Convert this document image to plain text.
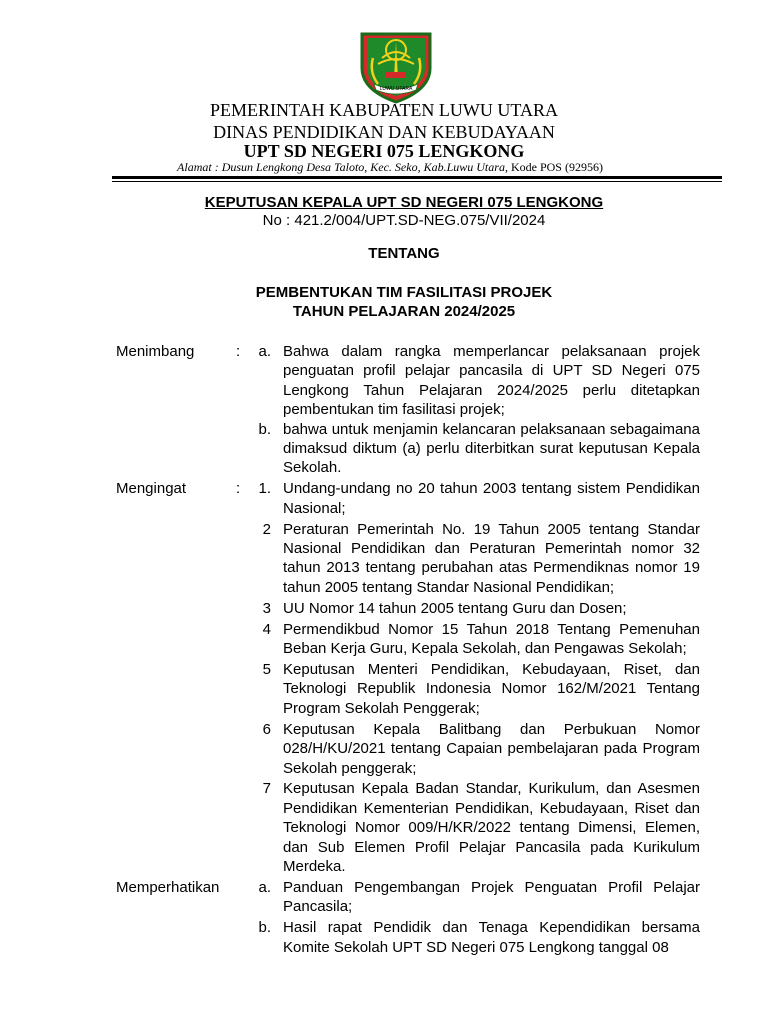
LUWU UTARA
PEMERINTAH KABUPATEN LUWU UTARA
DINAS PENDIDIKAN DAN KEBUDAYAAN
UPT SD NEGERI 075 LENGKONG
Alamat : Dusun Lengkong Desa Taloto, Kec. Seko, Kab.Luwu Utara, Kode POS (92956)
KEPUTUSAN KEPALA UPT SD NEGERI 075 LENGKONG
No : 421.2/004/UPT.SD-NEG.075/VII/2024
TENTANG
PEMBENTUKAN TIM FASILITASI PROJEK
TAHUN PELAJARAN 2024/2025
Menimbang	:	a. Bahwa dalam rangka memperlancar pelaksanaan projek penguatan profil pelajar pancasila di UPT SD Negeri 075 Lengkong Tahun Pelajaran 2024/2025 perlu ditetapkan pembentukan tim fasilitasi projek;
b. bahwa untuk menjamin kelancaran pelaksanaan sebagaimana dimaksud diktum (a) perlu diterbitkan surat keputusan Kepala Sekolah.
Mengingat	:	1. Undang-undang no 20 tahun 2003 tentang sistem Pendidikan Nasional;
2 Peraturan Pemerintah No. 19 Tahun 2005 tentang Standar Nasional Pendidikan dan Peraturan Pemerintah nomor 32 tahun 2013 tentang perubahan atas Permendiknas nomor 19 tahun 2005 tentang Standar Nasional Pendidikan;
3 UU Nomor 14 tahun 2005 tentang Guru dan Dosen;
4 Permendikbud Nomor 15 Tahun 2018 Tentang Pemenuhan Beban Kerja Guru, Kepala Sekolah, dan Pengawas Sekolah;
5 Keputusan Menteri Pendidikan, Kebudayaan, Riset, dan Teknologi Republik Indonesia Nomor 162/M/2021 Tentang Program Sekolah Penggerak;
6 Keputusan Kepala Balitbang dan Perbukuan Nomor 028/H/KU/2021 tentang Capaian pembelajaran pada Program Sekolah penggerak;
7 Keputusan Kepala Badan Standar, Kurikulum, dan Asesmen Pendidikan Kementerian Pendidikan, Kebudayaan, Riset dan Teknologi Nomor 009/H/KR/2022 tentang Dimensi, Elemen, dan Sub Elemen Profil Pelajar Pancasila pada Kurikulum Merdeka.
Memperhatikan	a. Panduan Pengembangan Projek Penguatan Profil Pelajar Pancasila;
b. Hasil rapat Pendidik dan Tenaga Kependidikan bersama Komite Sekolah UPT SD Negeri 075 Lengkong tanggal 08
